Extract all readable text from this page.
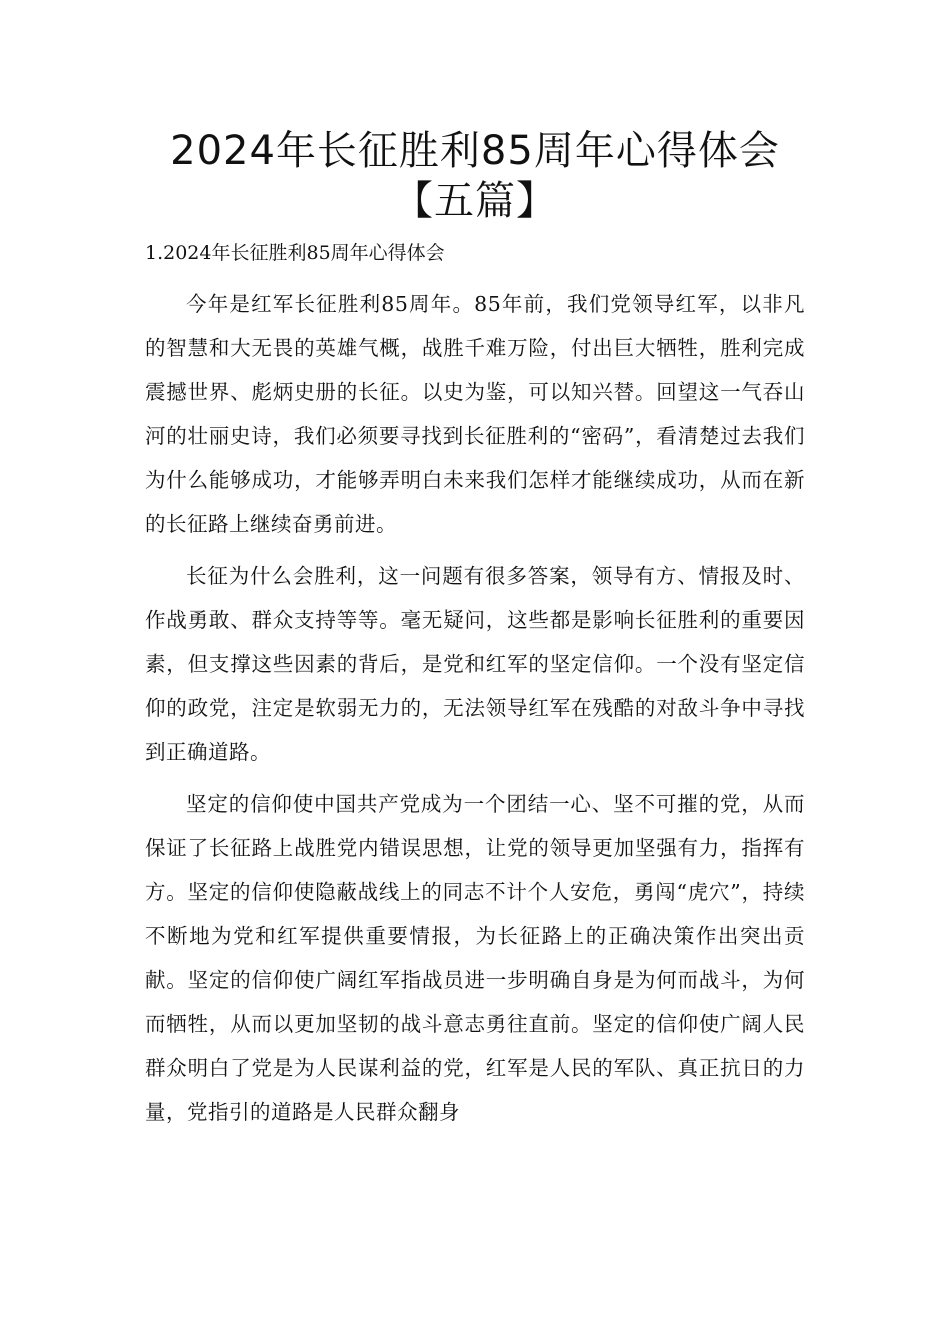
2024年长征胜利85周年心得体会【五篇】

1.2024年长征胜利85周年心得体会

今年是红军长征胜利85周年。85年前，我们党领导红军，以非凡的智慧和大无畏的英雄气概，战胜千难万险，付出巨大牺牲，胜利完成震撼世界、彪炳史册的长征。以史为鉴，可以知兴替。回望这一气吞山河的壮丽史诗，我们必须要寻找到长征胜利的“密码”，看清楚过去我们为什么能够成功，才能够弄明白未来我们怎样才能继续成功，从而在新的长征路上继续奋勇前进。

长征为什么会胜利，这一问题有很多答案，领导有方、情报及时、作战勇敢、群众支持等等。毫无疑问，这些都是影响长征胜利的重要因素，但支撑这些因素的背后，是党和红军的坚定信仰。一个没有坚定信仰的政党，注定是软弱无力的，无法领导红军在残酷的对敌斗争中寻找到正确道路。

坚定的信仰使中国共产党成为一个团结一心、坚不可摧的党，从而保证了长征路上战胜党内错误思想，让党的领导更加坚强有力，指挥有方。坚定的信仰使隐蔽战线上的同志不计个人安危，勇闯“虎穴”，持续不断地为党和红军提供重要情报，为长征路上的正确决策作出突出贡献。坚定的信仰使广阔红军指战员进一步明确自身是为何而战斗，为何而牺牲，从而以更加坚韧的战斗意志勇往直前。坚定的信仰使广阔人民群众明白了党是为人民谋利益的党，红军是人民的军队、真正抗日的力量，党指引的道路是人民群众翻身
